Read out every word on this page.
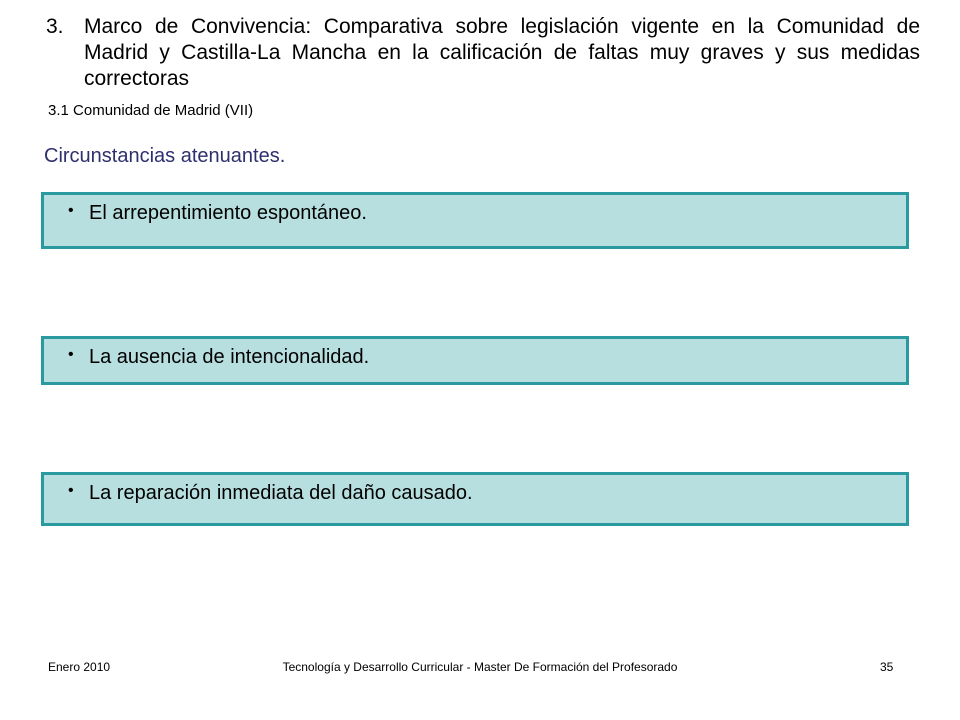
3. Marco de Convivencia: Comparativa sobre legislación vigente en la Comunidad de Madrid y Castilla-La Mancha en la calificación de faltas muy graves y sus medidas correctoras
3.1 Comunidad de Madrid (VII)
Circunstancias atenuantes.
• El arrepentimiento espontáneo.
• La ausencia de intencionalidad.
• La reparación inmediata del daño causado.
Enero 2010	Tecnología y Desarrollo Curricular - Master De Formación del Profesorado	35
